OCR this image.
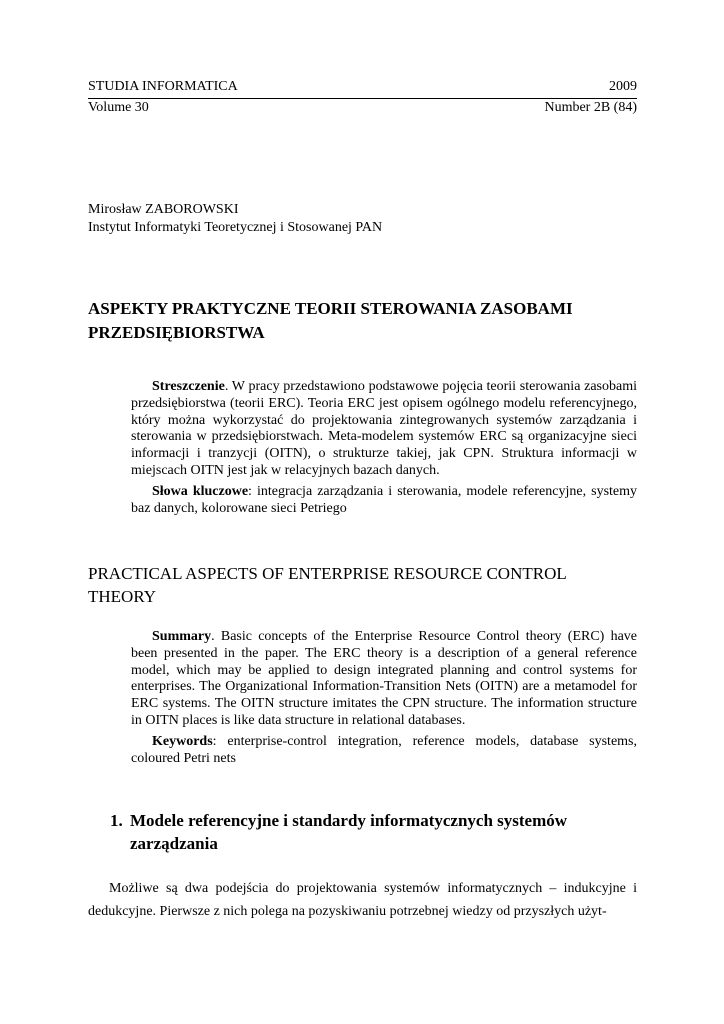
STUDIA INFORMATICA	2009
Volume 30	Number 2B (84)
Mirosław ZABOROWSKI
Instytut Informatyki Teoretycznej i Stosowanej PAN
ASPEKTY PRAKTYCZNE TEORII STEROWANIA ZASOBAMI
PRZEDSIĘBIORSTWA

Streszczenie. W pracy przedstawiono podstawowe pojęcia teorii sterowania zasobami przedsiębiorstwa (teorii ERC). Teoria ERC jest opisem ogólnego modelu referencyjnego, który można wykorzystać do projektowania zintegrowanych systemów zarządzania i sterowania w przedsiębiorstwach. Meta-modelem systemów ERC są organizacyjne sieci informacji i tranzycji (OITN), o strukturze takiej, jak CPN. Struktura informacji w miejscach OITN jest jak w relacyjnych bazach danych.

Słowa kluczowe: integracja zarządzania i sterowania, modele referencyjne, systemy baz danych, kolorowane sieci Petriego

PRACTICAL ASPECTS OF ENTERPRISE RESOURCE CONTROL
THEORY

Summary. Basic concepts of the Enterprise Resource Control theory (ERC) have been presented in the paper. The ERC theory is a description of a general reference model, which may be applied to design integrated planning and control systems for enterprises. The Organizational Information-Transition Nets (OITN) are a metamodel for ERC systems. The OITN structure imitates the CPN structure. The information structure in OITN places is like data structure in relational databases.

Keywords: enterprise-control integration, reference models, database systems, coloured Petri nets

1. Modele referencyjne i standardy informatycznych systemów zarządzania

Możliwe są dwa podejścia do projektowania systemów informatycznych – indukcyjne i dedukcyjne. Pierwsze z nich polega na pozyskiwaniu potrzebnej wiedzy od przyszłych użyt-
